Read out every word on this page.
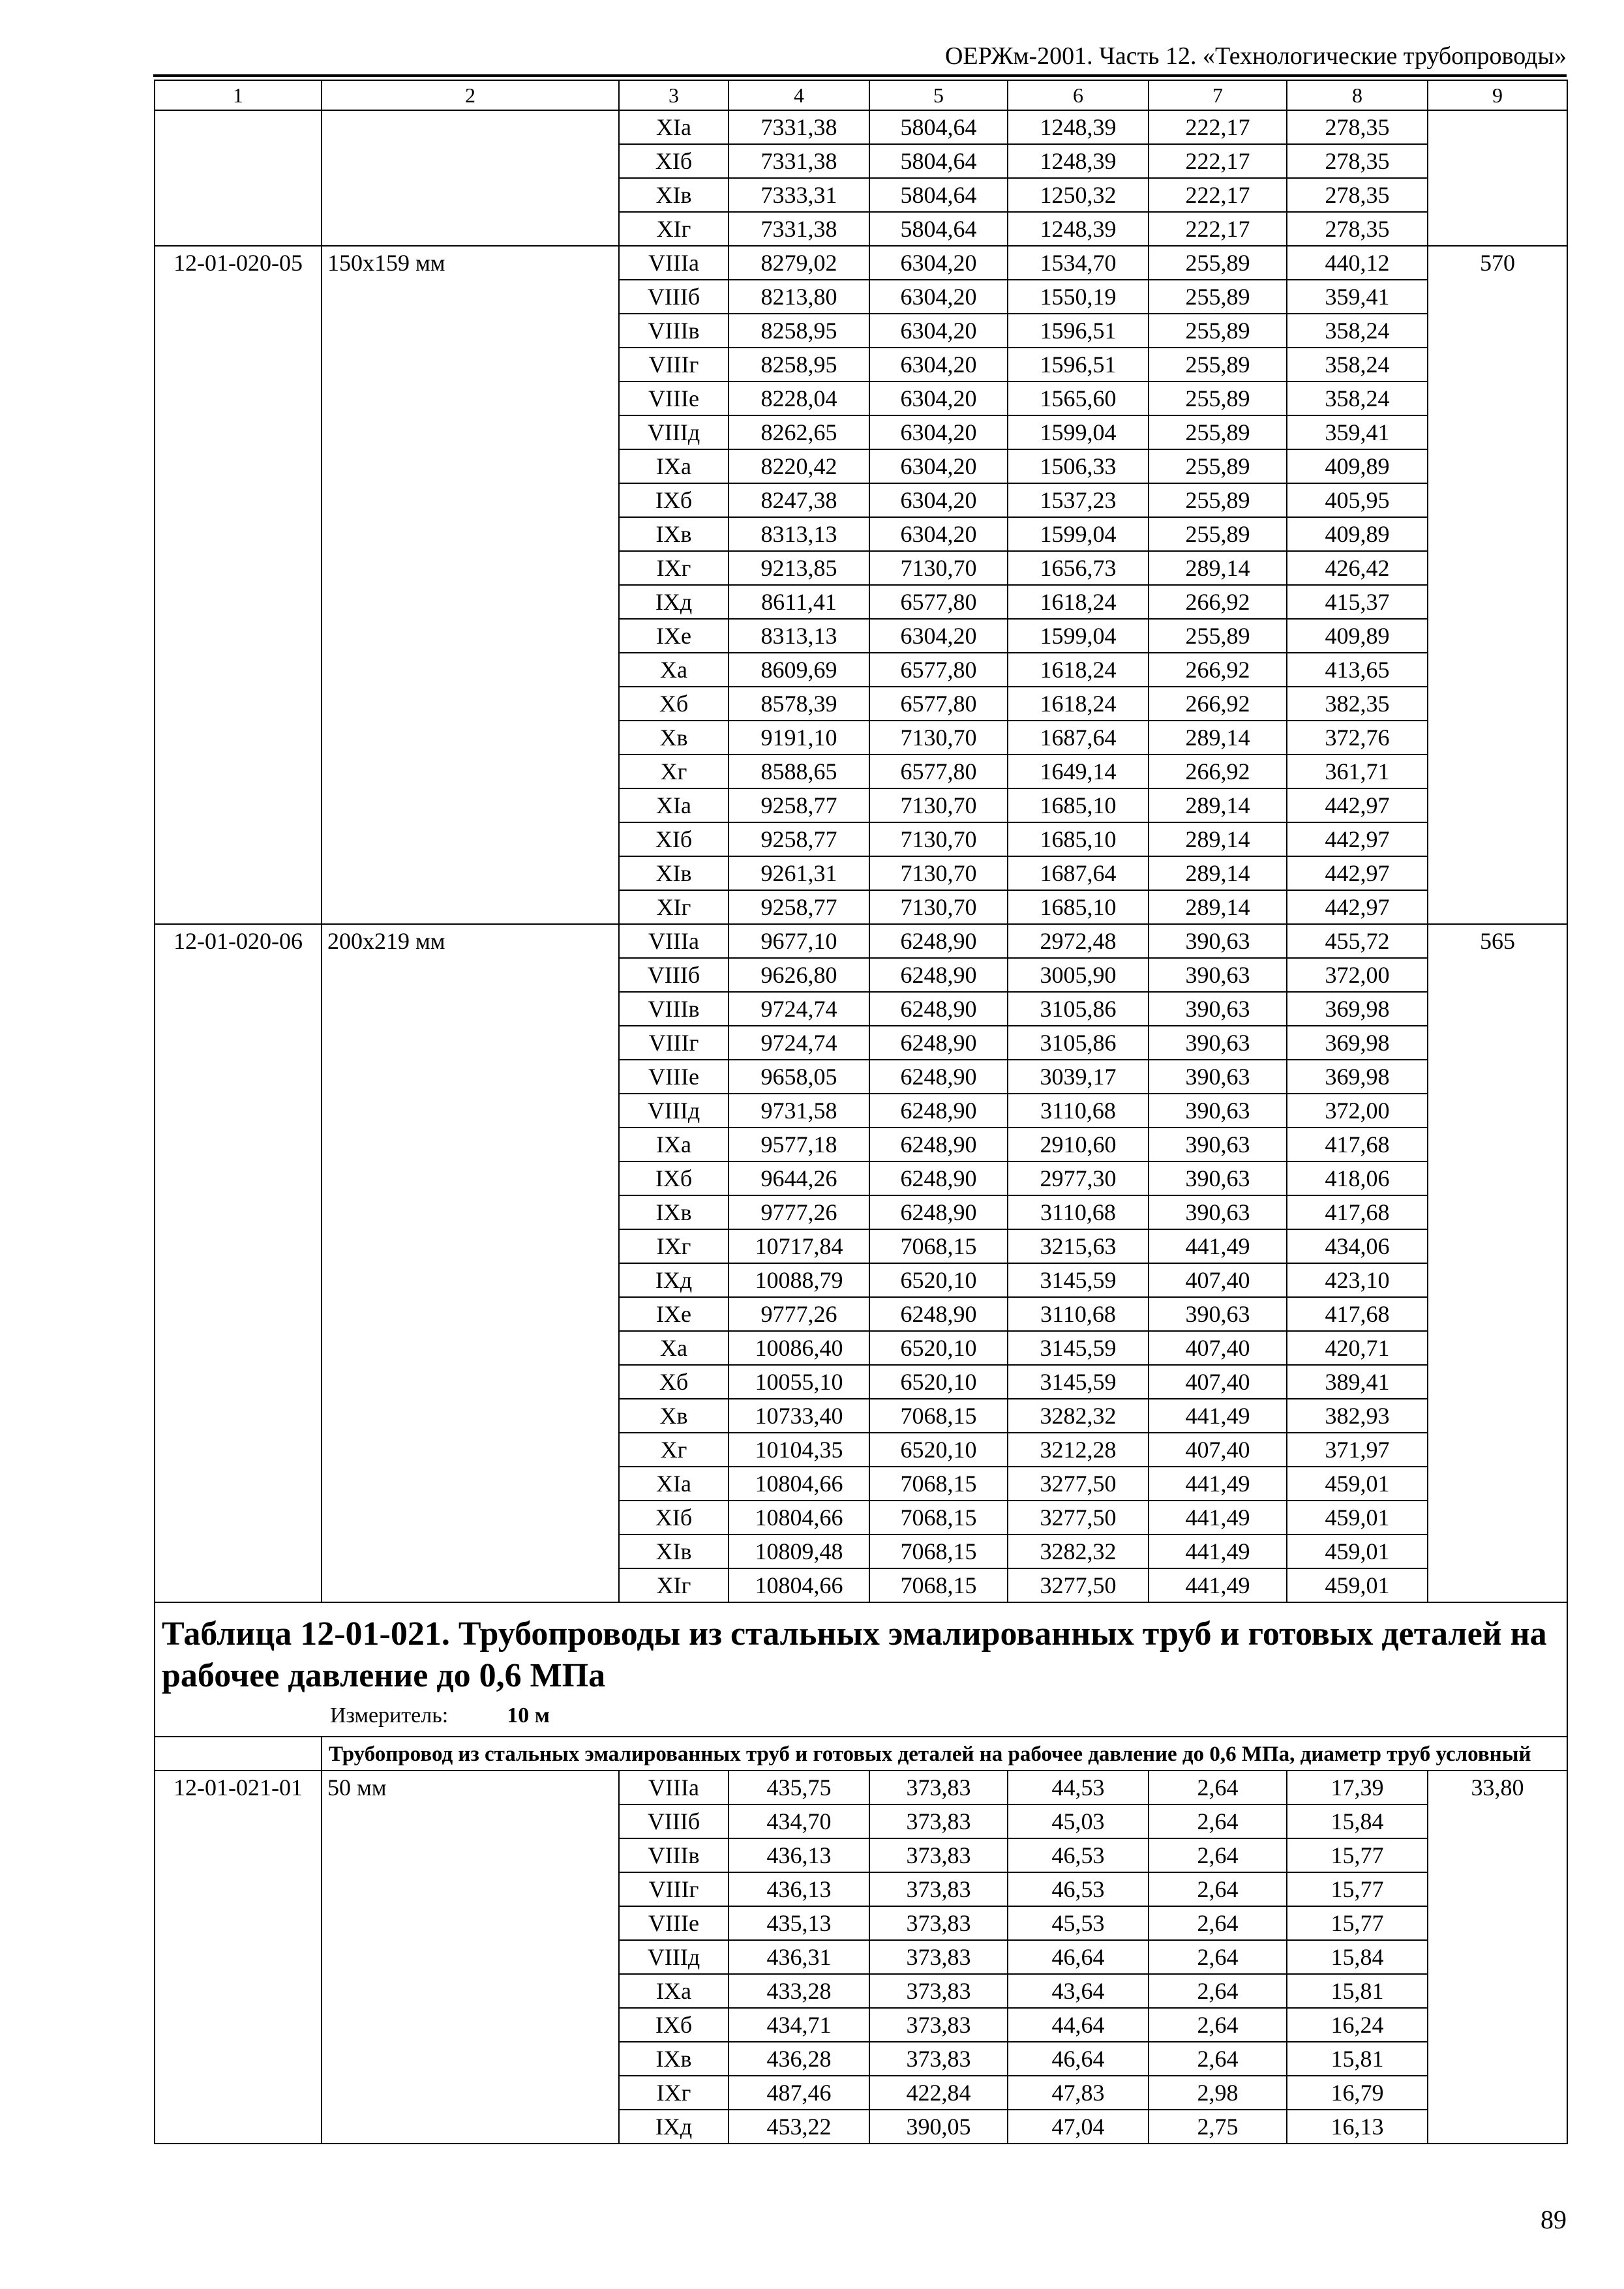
ОЕРЖм-2001. Часть 12. «Технологические трубопроводы»
1	2	3	4	5	6	7	8	9
		XIа	7331,38	5804,64	1248,39	222,17	278,35	
		XIб	7331,38	5804,64	1248,39	222,17	278,35	
		XIв	7333,31	5804,64	1250,32	222,17	278,35	
		XIг	7331,38	5804,64	1248,39	222,17	278,35	
12-01-020-05	150x159 мм	VIIIа	8279,02	6304,20	1534,70	255,89	440,12	570
		VIIIб	8213,80	6304,20	1550,19	255,89	359,41	
		VIIIв	8258,95	6304,20	1596,51	255,89	358,24	
		VIIIг	8258,95	6304,20	1596,51	255,89	358,24	
		VIIIе	8228,04	6304,20	1565,60	255,89	358,24	
		VIIIд	8262,65	6304,20	1599,04	255,89	359,41	
		IXа	8220,42	6304,20	1506,33	255,89	409,89	
		IXб	8247,38	6304,20	1537,23	255,89	405,95	
		IXв	8313,13	6304,20	1599,04	255,89	409,89	
		IXг	9213,85	7130,70	1656,73	289,14	426,42	
		IXд	8611,41	6577,80	1618,24	266,92	415,37	
		IXе	8313,13	6304,20	1599,04	255,89	409,89	
		Xа	8609,69	6577,80	1618,24	266,92	413,65	
		Xб	8578,39	6577,80	1618,24	266,92	382,35	
		Xв	9191,10	7130,70	1687,64	289,14	372,76	
		Xг	8588,65	6577,80	1649,14	266,92	361,71	
		XIа	9258,77	7130,70	1685,10	289,14	442,97	
		XIб	9258,77	7130,70	1685,10	289,14	442,97	
		XIв	9261,31	7130,70	1687,64	289,14	442,97	
		XIг	9258,77	7130,70	1685,10	289,14	442,97	
12-01-020-06	200x219 мм	VIIIа	9677,10	6248,90	2972,48	390,63	455,72	565
		VIIIб	9626,80	6248,90	3005,90	390,63	372,00	
		VIIIв	9724,74	6248,90	3105,86	390,63	369,98	
		VIIIг	9724,74	6248,90	3105,86	390,63	369,98	
		VIIIе	9658,05	6248,90	3039,17	390,63	369,98	
		VIIIд	9731,58	6248,90	3110,68	390,63	372,00	
		IXа	9577,18	6248,90	2910,60	390,63	417,68	
		IXб	9644,26	6248,90	2977,30	390,63	418,06	
		IXв	9777,26	6248,90	3110,68	390,63	417,68	
		IXг	10717,84	7068,15	3215,63	441,49	434,06	
		IXд	10088,79	6520,10	3145,59	407,40	423,10	
		IXе	9777,26	6248,90	3110,68	390,63	417,68	
		Xа	10086,40	6520,10	3145,59	407,40	420,71	
		Xб	10055,10	6520,10	3145,59	407,40	389,41	
		Xв	10733,40	7068,15	3282,32	441,49	382,93	
		Xг	10104,35	6520,10	3212,28	407,40	371,97	
		XIа	10804,66	7068,15	3277,50	441,49	459,01	
		XIб	10804,66	7068,15	3277,50	441,49	459,01	
		XIв	10809,48	7068,15	3282,32	441,49	459,01	
		XIг	10804,66	7068,15	3277,50	441,49	459,01	

Таблица 12-01-021. Трубопроводы из стальных эмалированных труб и готовых деталей на рабочее давление до 0,6 МПа
Измеритель: 10 м								

	Трубопровод из стальных эмалированных труб и готовых деталей на рабочее давление до 0,6 МПа, диаметр труб условный							
12-01-021-01	50 мм	VIIIа	435,75	373,83	44,53	2,64	17,39	33,80
		VIIIб	434,70	373,83	45,03	2,64	15,84	
		VIIIв	436,13	373,83	46,53	2,64	15,77	
		VIIIг	436,13	373,83	46,53	2,64	15,77	
		VIIIе	435,13	373,83	45,53	2,64	15,77	
		VIIIд	436,31	373,83	46,64	2,64	15,84	
		IXа	433,28	373,83	43,64	2,64	15,81	
		IXб	434,71	373,83	44,64	2,64	16,24	
		IXв	436,28	373,83	46,64	2,64	15,81	
		IXг	487,46	422,84	47,83	2,98	16,79	
		IXд	453,22	390,05	47,04	2,75	16,13	
89
